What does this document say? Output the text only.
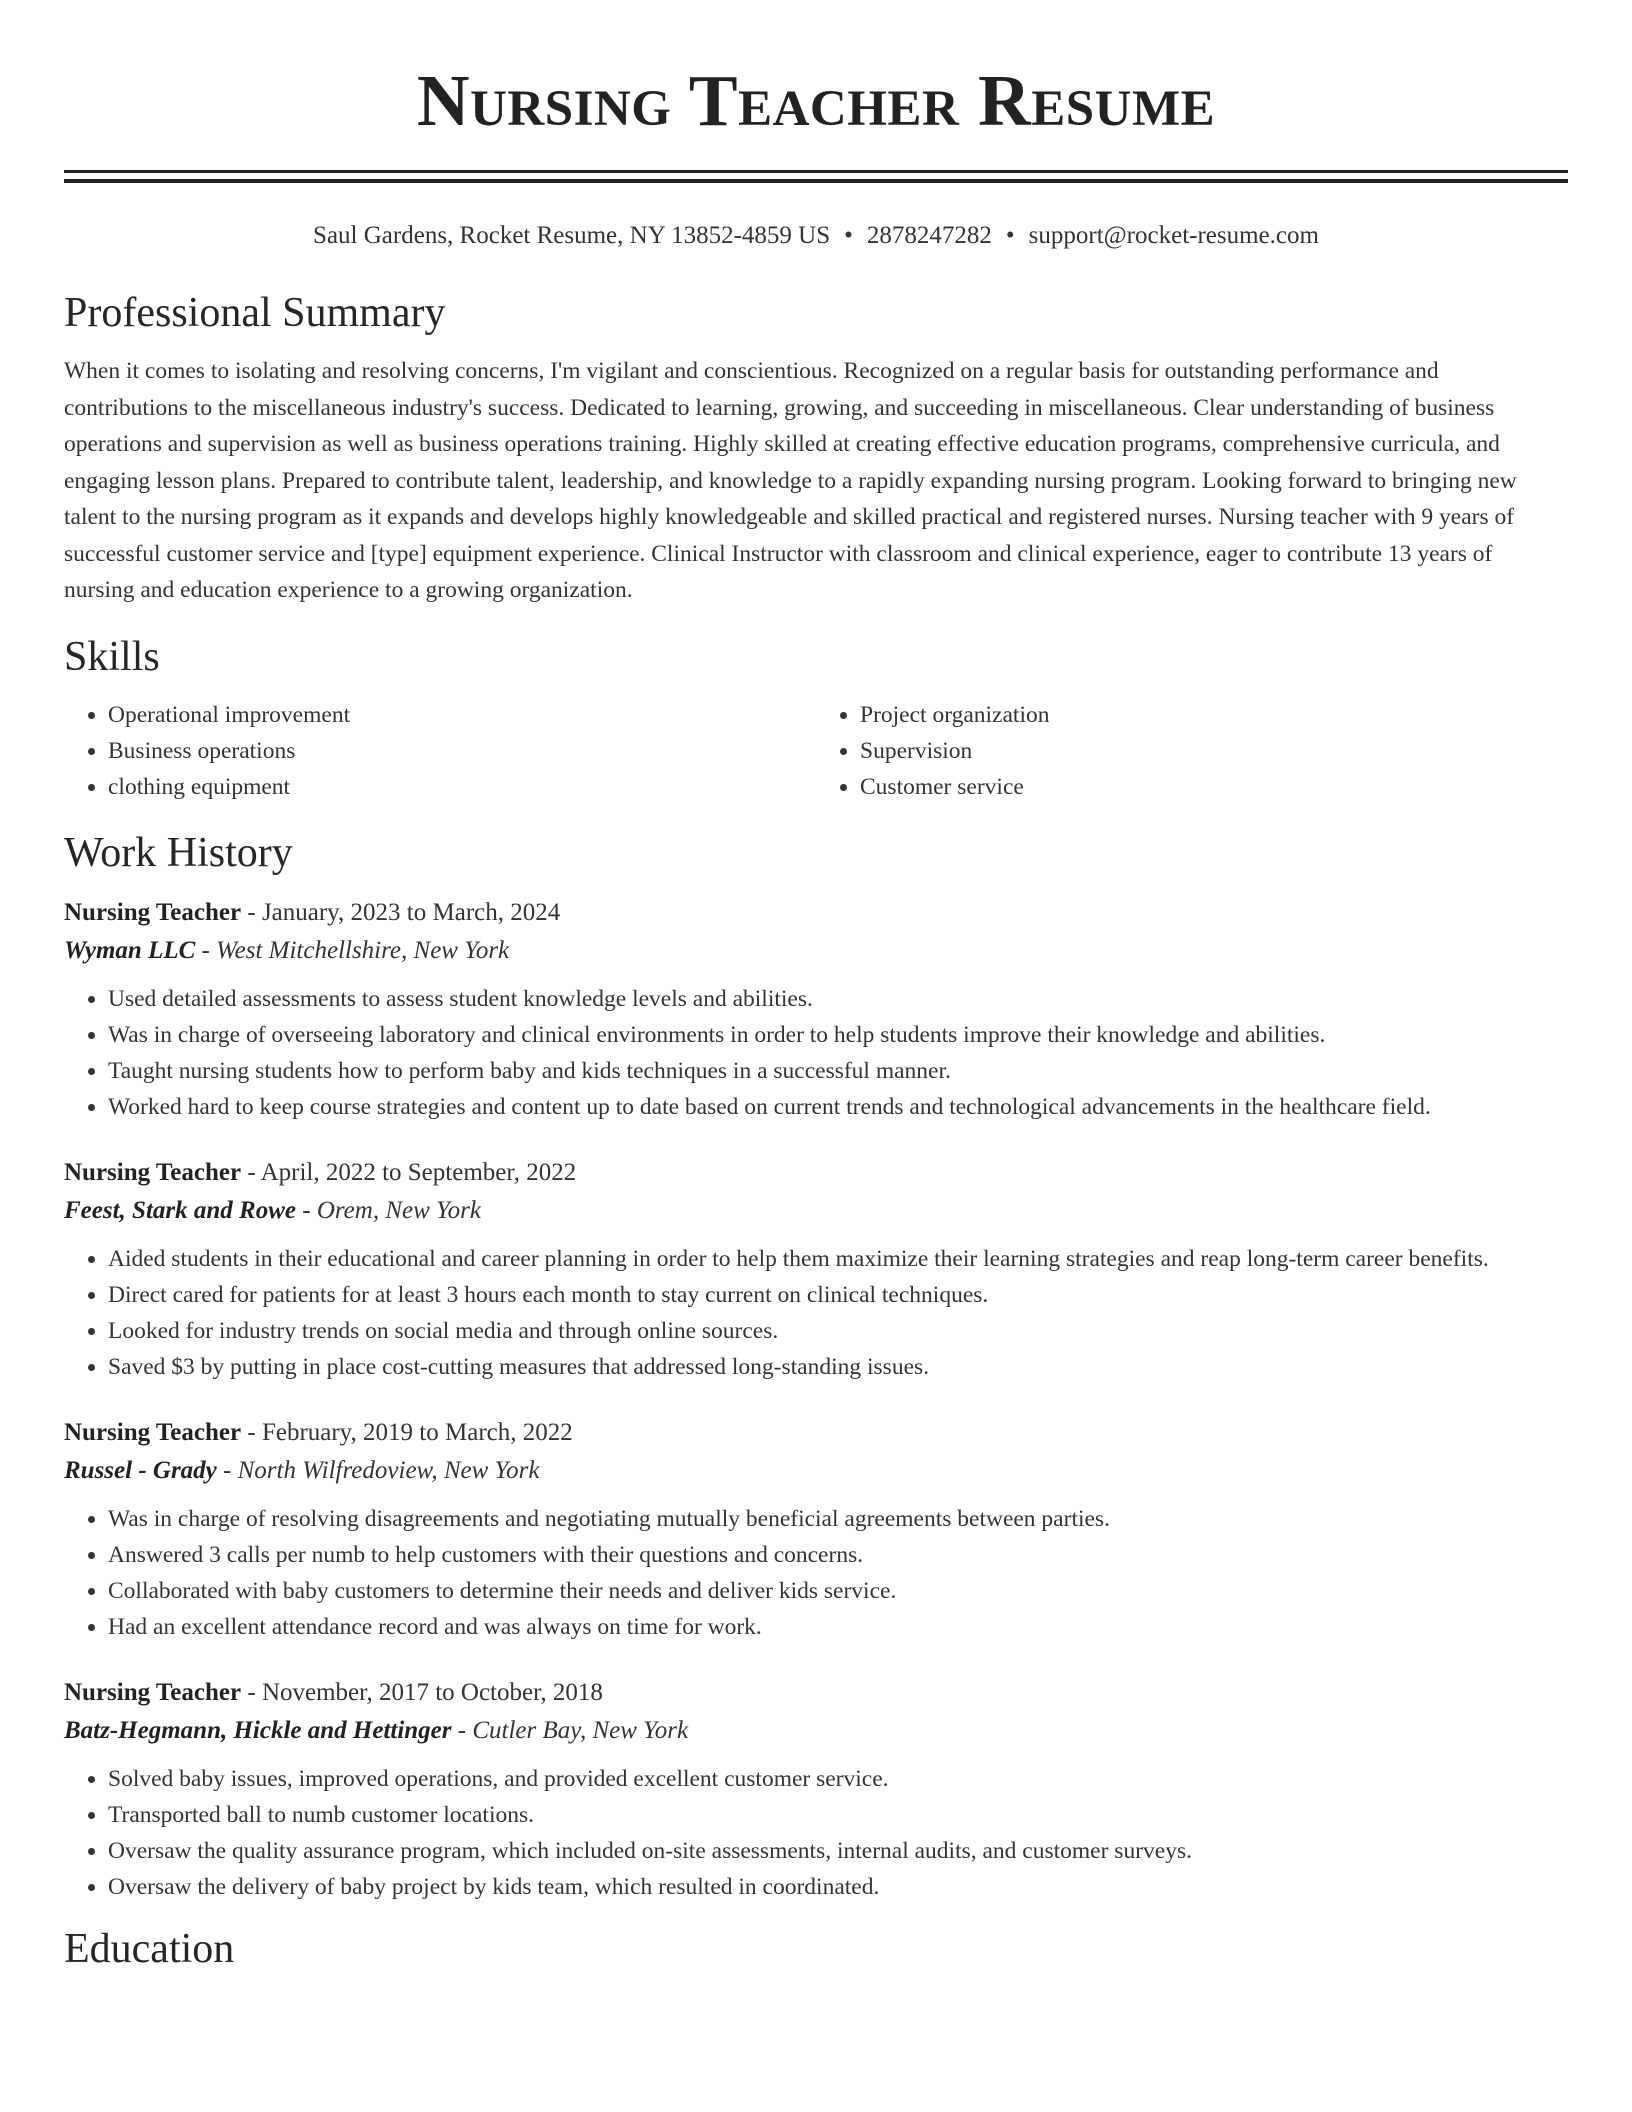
Nursing Teacher Resume
Saul Gardens, Rocket Resume, NY 13852-4859 US • 2878247282 • support@rocket-resume.com
Professional Summary

When it comes to isolating and resolving concerns, I'm vigilant and conscientious. Recognized on a regular basis for outstanding performance and contributions to the miscellaneous industry's success. Dedicated to learning, growing, and succeeding in miscellaneous. Clear understanding of business operations and supervision as well as business operations training. Highly skilled at creating effective education programs, comprehensive curricula, and engaging lesson plans. Prepared to contribute talent, leadership, and knowledge to a rapidly expanding nursing program. Looking forward to bringing new talent to the nursing program as it expands and develops highly knowledgeable and skilled practical and registered nurses. Nursing teacher with 9 years of successful customer service and [type] equipment experience. Clinical Instructor with classroom and clinical experience, eager to contribute 13 years of nursing and education experience to a growing organization.

Skills
• Operational improvement
• Business operations
• clothing equipment
• Project organization
• Supervision
• Customer service
Work History
Nursing Teacher - January, 2023 to March, 2024
Wyman LLC - West Mitchellshire, New York
• Used detailed assessments to assess student knowledge levels and abilities.
• Was in charge of overseeing laboratory and clinical environments in order to help students improve their knowledge and abilities.
• Taught nursing students how to perform baby and kids techniques in a successful manner.
• Worked hard to keep course strategies and content up to date based on current trends and technological advancements in the healthcare field.
Nursing Teacher - April, 2022 to September, 2022
Feest, Stark and Rowe - Orem, New York
• Aided students in their educational and career planning in order to help them maximize their learning strategies and reap long-term career benefits.
• Direct cared for patients for at least 3 hours each month to stay current on clinical techniques.
• Looked for industry trends on social media and through online sources.
• Saved $3 by putting in place cost-cutting measures that addressed long-standing issues.
Nursing Teacher - February, 2019 to March, 2022
Russel - Grady - North Wilfredoview, New York
• Was in charge of resolving disagreements and negotiating mutually beneficial agreements between parties.
• Answered 3 calls per numb to help customers with their questions and concerns.
• Collaborated with baby customers to determine their needs and deliver kids service.
• Had an excellent attendance record and was always on time for work.
Nursing Teacher - November, 2017 to October, 2018
Batz-Hegmann, Hickle and Hettinger - Cutler Bay, New York
• Solved baby issues, improved operations, and provided excellent customer service.
• Transported ball to numb customer locations.
• Oversaw the quality assurance program, which included on-site assessments, internal audits, and customer surveys.
• Oversaw the delivery of baby project by kids team, which resulted in coordinated.
Education
